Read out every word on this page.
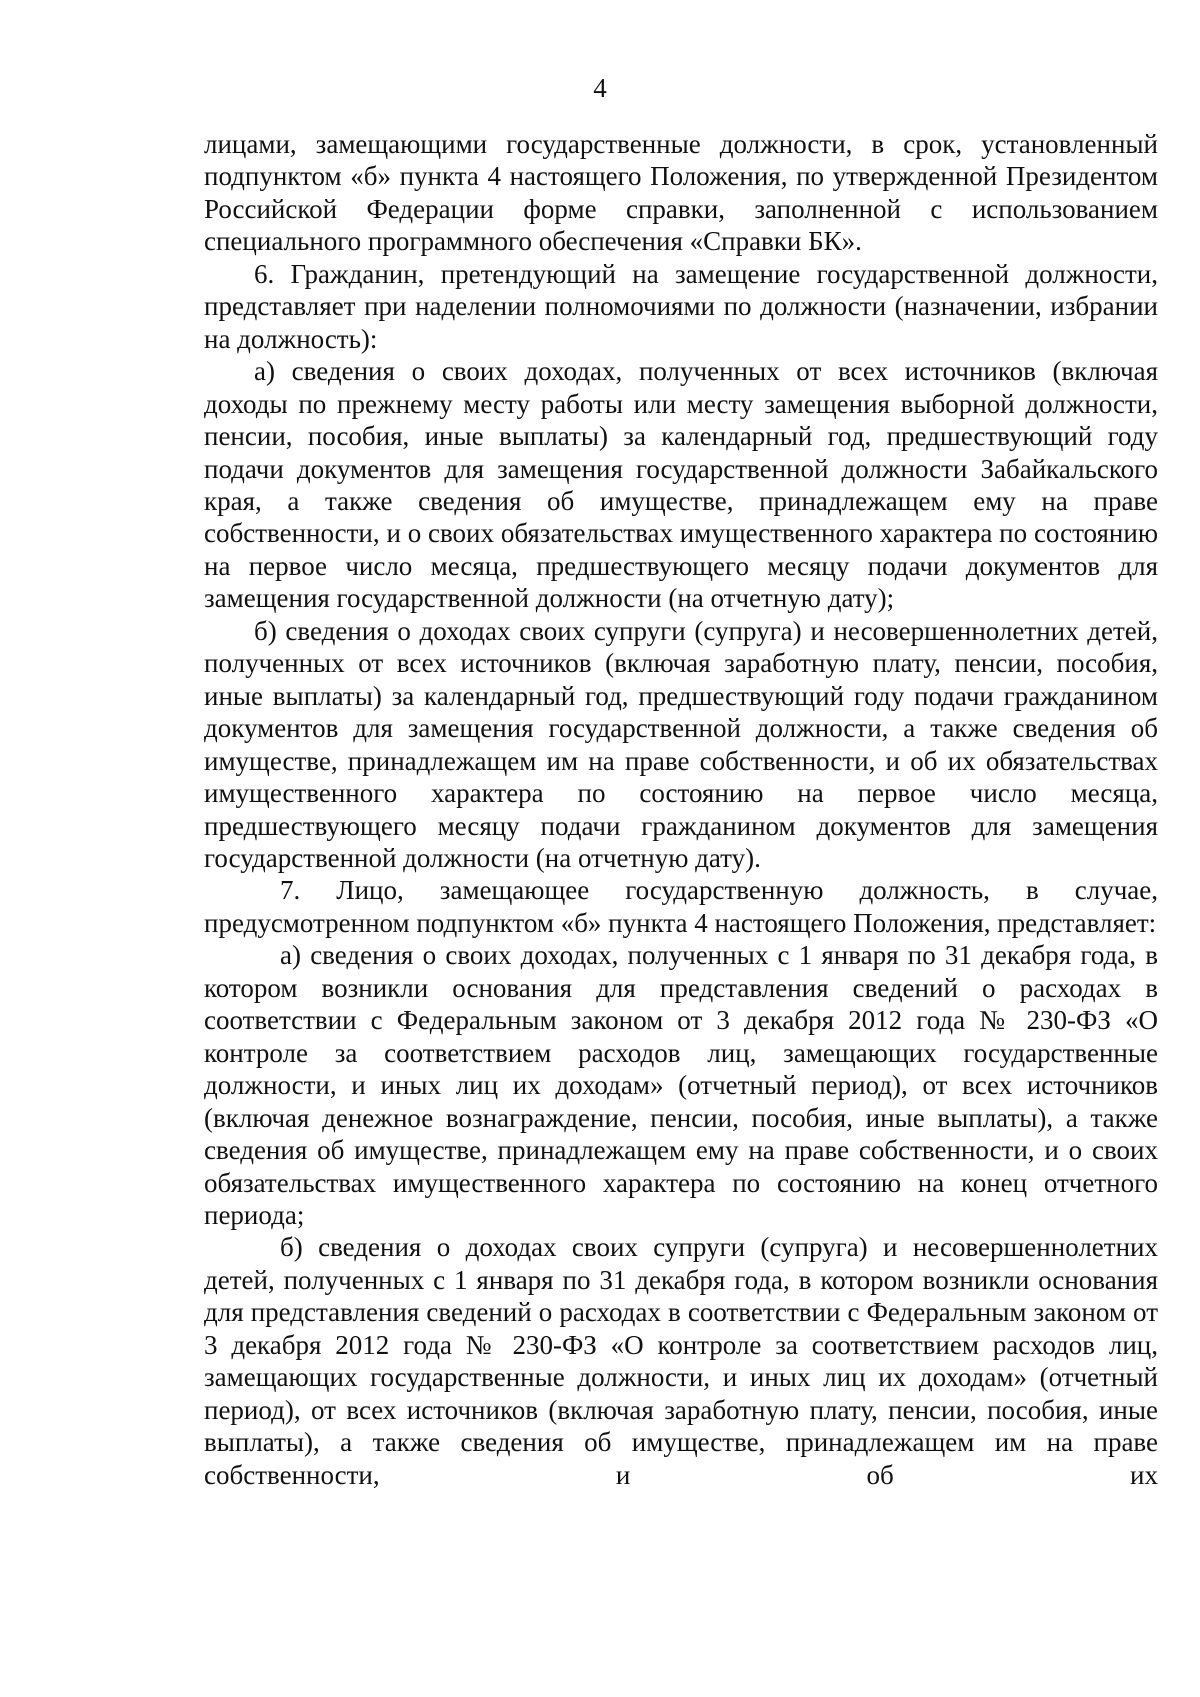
4

лицами, замещающими государственные должности, в срок, установленный подпунктом «б» пункта 4 настоящего Положения, по утвержденной Президентом Российской Федерации форме справки, заполненной с использованием специального программного обеспечения «Справки БК».

6. Гражданин, претендующий на замещение государственной должности, представляет при наделении полномочиями по должности (назначении, избрании на должность):

а) сведения о своих доходах, полученных от всех источников (включая доходы по прежнему месту работы или месту замещения выборной должности, пенсии, пособия, иные выплаты) за календарный год, предшествующий году подачи документов для замещения государственной должности Забайкальского края, а также сведения об имуществе, принадлежащем ему на праве собственности, и о своих обязательствах имущественного характера по состоянию на первое число месяца, предшествующего месяцу подачи документов для замещения государственной должности (на отчетную дату);

б) сведения о доходах своих супруги (супруга) и несовершеннолетних детей, полученных от всех источников (включая заработную плату, пенсии, пособия, иные выплаты) за календарный год, предшествующий году подачи гражданином документов для замещения государственной должности, а также сведения об имуществе, принадлежащем им на праве собственности, и об их обязательствах имущественного характера по состоянию на первое число месяца, предшествующего месяцу подачи гражданином документов для замещения государственной должности (на отчетную дату).

7. Лицо, замещающее государственную должность, в случае, предусмотренном подпунктом «б» пункта 4 настоящего Положения, представляет:

а) сведения о своих доходах, полученных с 1 января по 31 декабря года, в котором возникли основания для представления сведений о расходах в соответствии с Федеральным законом от 3 декабря 2012 года № 230-ФЗ «О контроле за соответствием расходов лиц, замещающих государственные должности, и иных лиц их доходам» (отчетный период), от всех источников (включая денежное вознаграждение, пенсии, пособия, иные выплаты), а также сведения об имуществе, принадлежащем ему на праве собственности, и о своих обязательствах имущественного характера по состоянию на конец отчетного периода;

б) сведения о доходах своих супруги (супруга) и несовершеннолетних детей, полученных с 1 января по 31 декабря года, в котором возникли основания для представления сведений о расходах в соответствии с Федеральным законом от 3 декабря 2012 года № 230-ФЗ «О контроле за соответствием расходов лиц, замещающих государственные должности, и иных лиц их доходам» (отчетный период), от всех источников (включая заработную плату, пенсии, пособия, иные выплаты), а также сведения об имуществе, принадлежащем им на праве собственности, и об их
